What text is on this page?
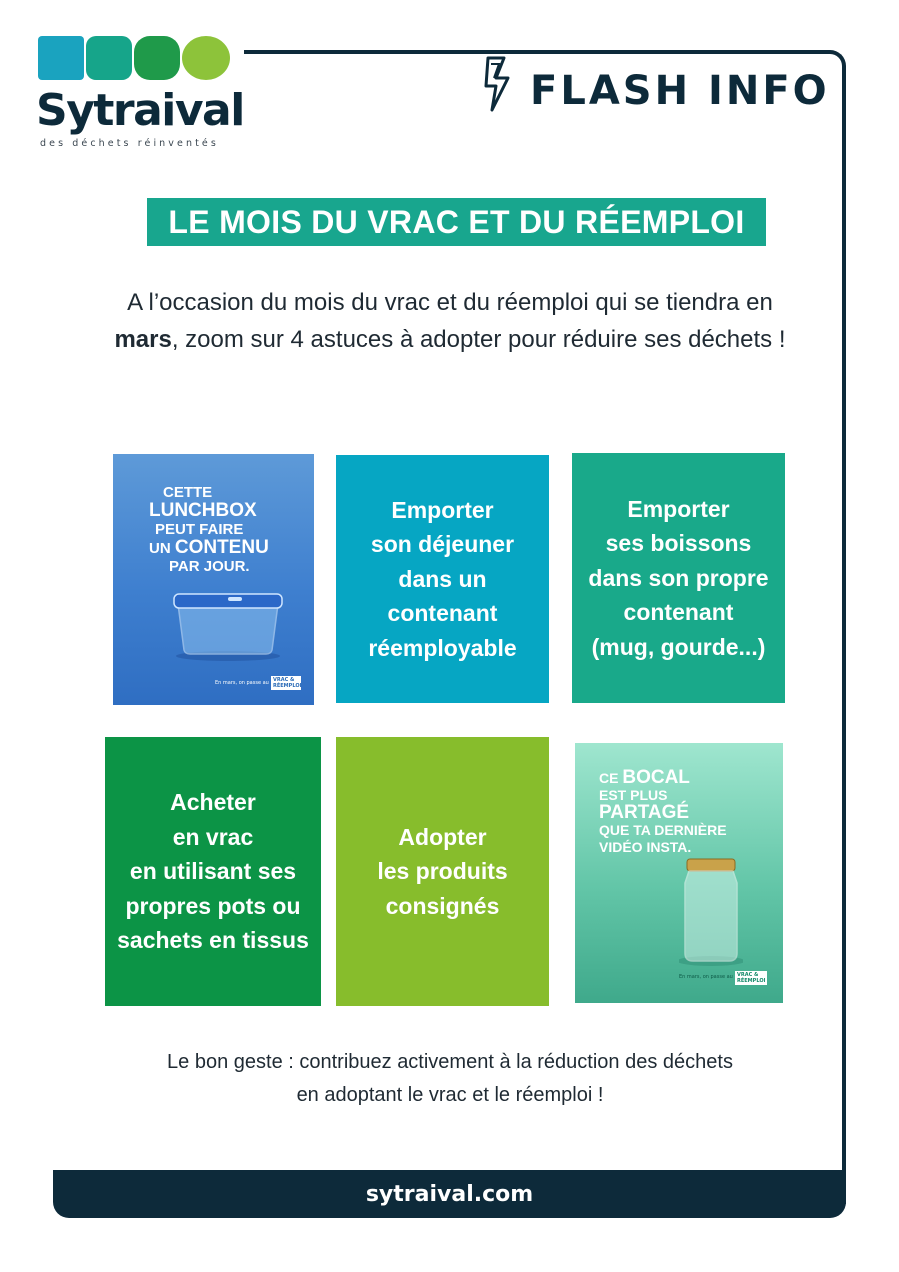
Sytraival
des déchets réinventés
FLASH INFO
LE MOIS DU VRAC ET DU RÉEMPLOI
A l’occasion du mois du vrac et du réemploi qui se tiendra en mars, zoom sur 4 astuces à adopter pour réduire ses déchets !
CETTE
LUNCHBOX
PEUT FAIRE
UN CONTENU
PAR JOUR.
En mars, on passe au VRAC & RÉEMPLOI
Emporter
son déjeuner
dans un
contenant
réemployable
Emporter
ses boissons
dans son propre
contenant
(mug, gourde...)
Acheter
en vrac
en utilisant ses
propres pots ou
sachets en tissus
Adopter
les produits
consignés
CE BOCAL
EST PLUS
PARTAGÉ
QUE TA DERNIÈRE
VIDÉO INSTA.
En mars, on passe au VRAC & RÉEMPLOI
Le bon geste : contribuez activement à la réduction des déchets
en adoptant le vrac et le réemploi !
sytraival.com
